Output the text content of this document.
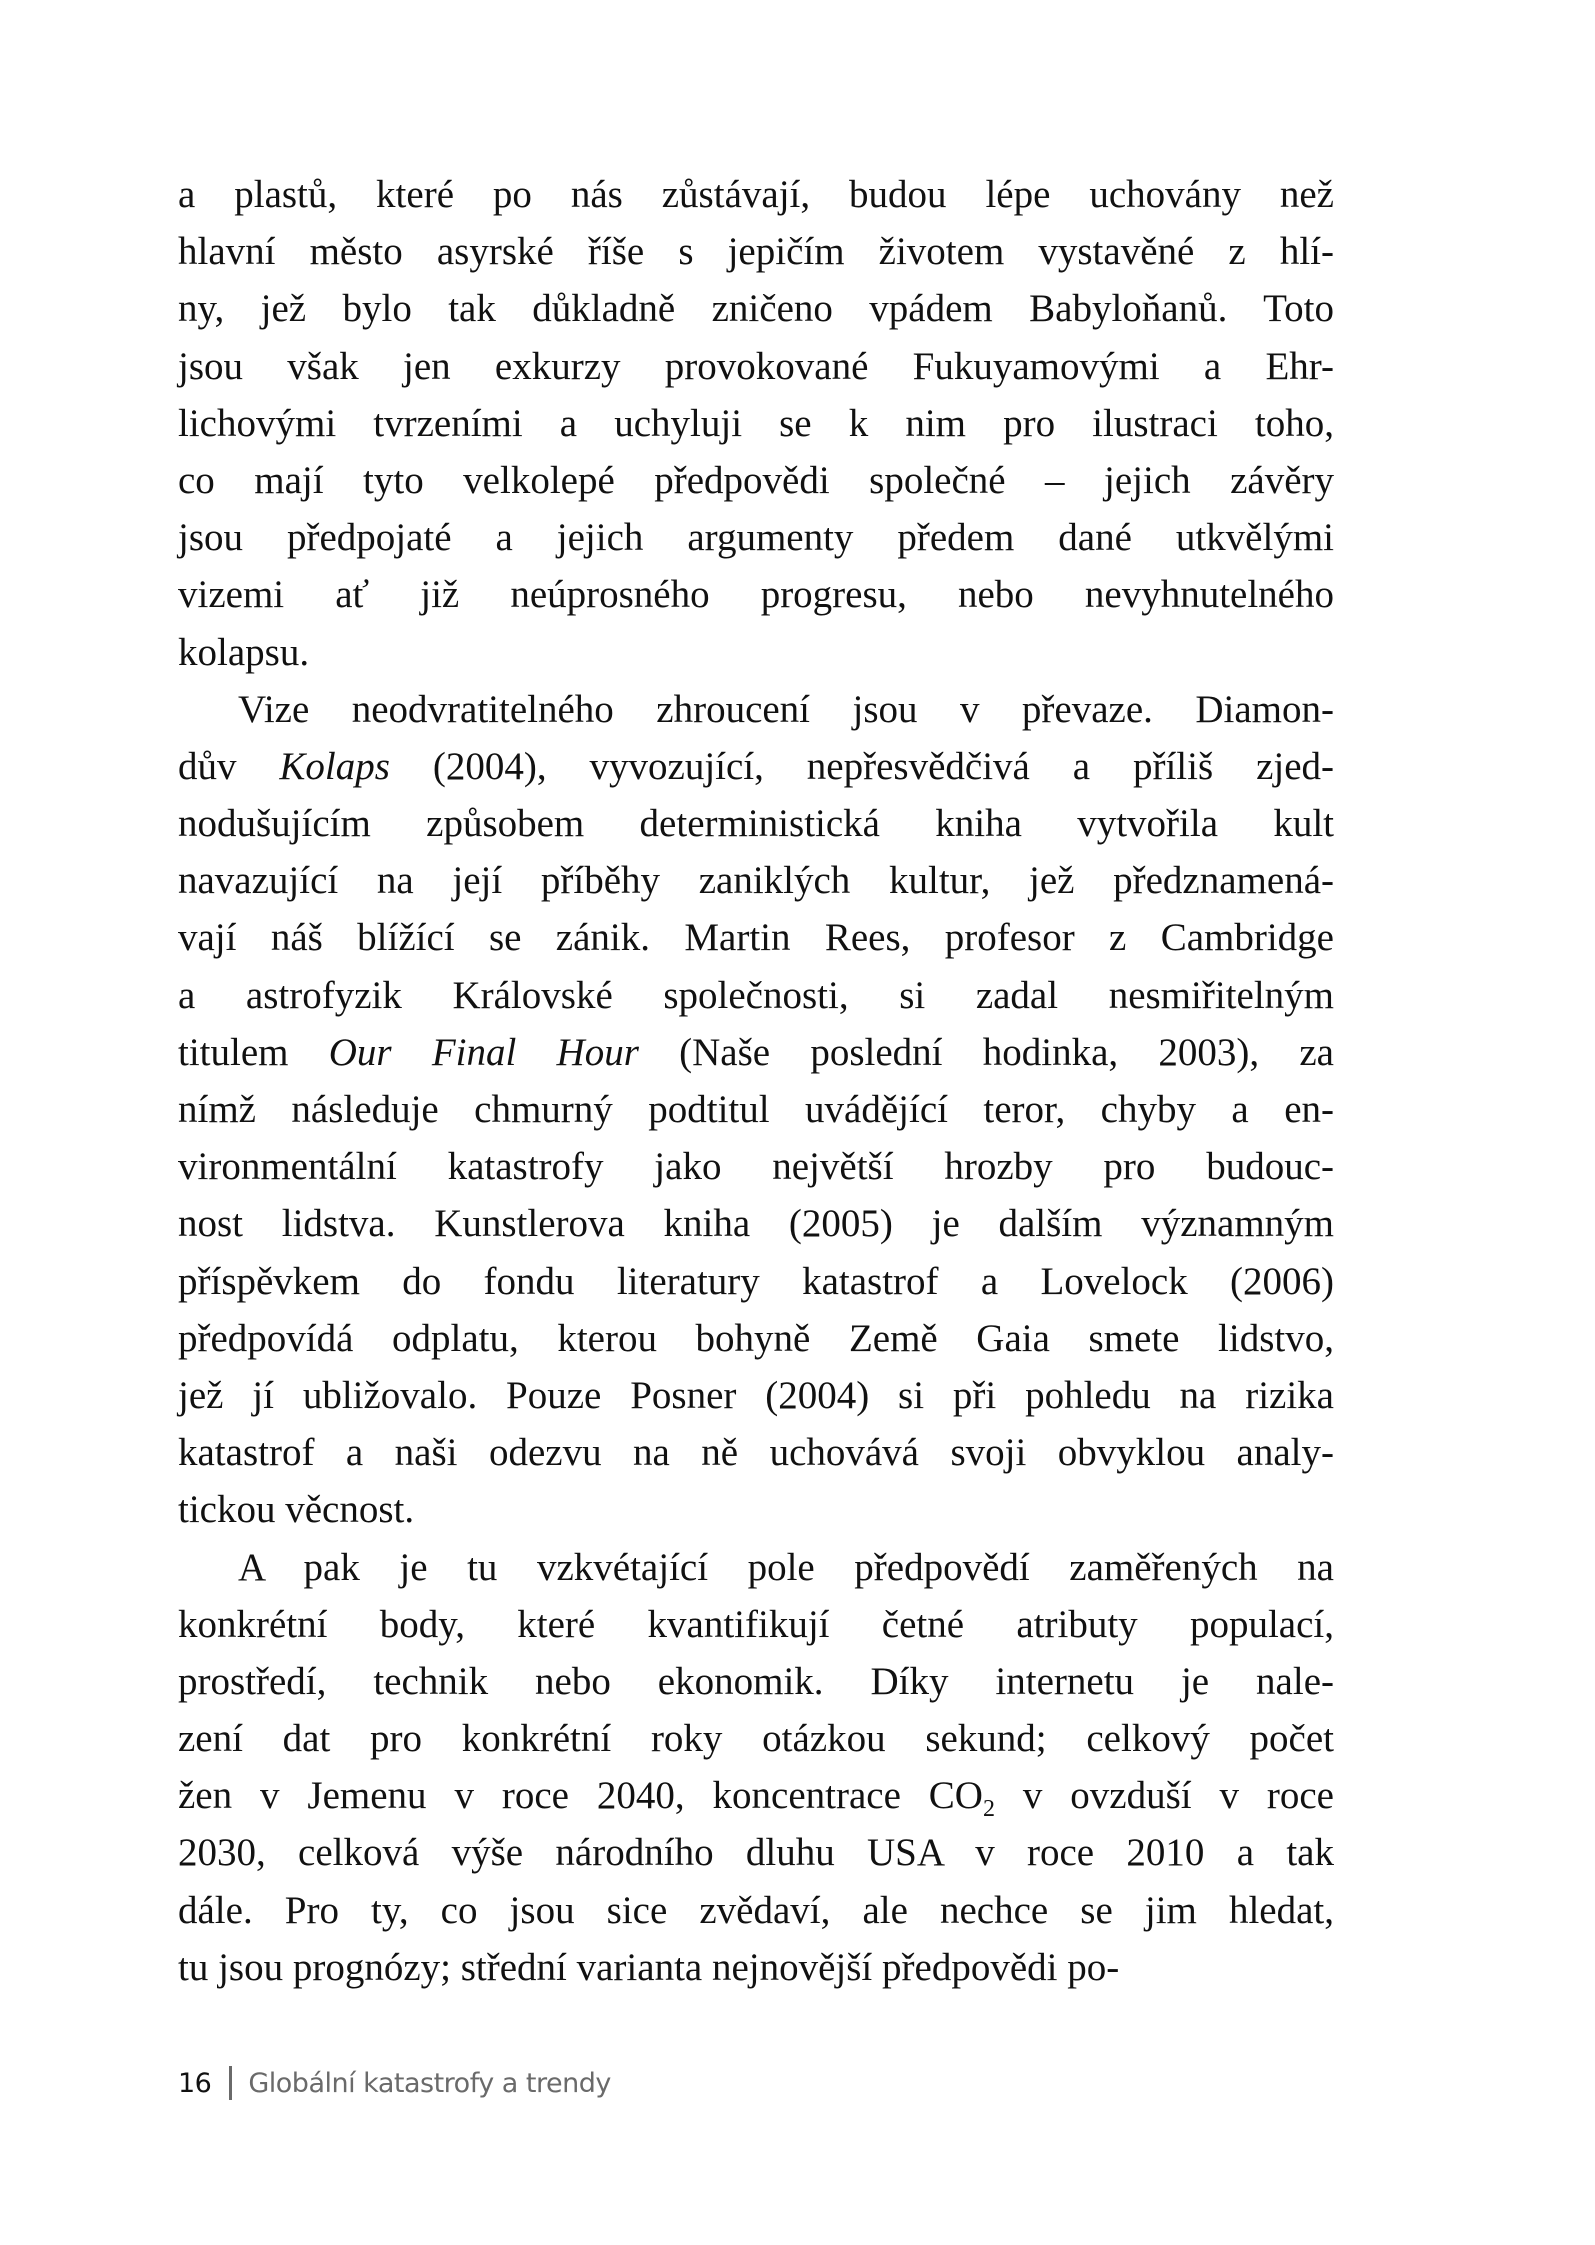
a plastů, které po nás zůstávají, budou lépe uchovány než
hlavní město asyrské říše s jepičím životem vystavěné z hlí-
ny, jež bylo tak důkladně zničeno vpádem Babyloňanů. Toto
jsou však jen exkurzy provokované Fukuyamovými a Ehr-
lichovými tvrzeními a uchyluji se k nim pro ilustraci toho,
co mají tyto velkolepé předpovědi společné – jejich závěry
jsou předpojaté a jejich argumenty předem dané utkvělými
vizemi ať již neúprosného progresu, nebo nevyhnutelného
kolapsu.
Vize neodvratitelného zhroucení jsou v převaze. Diamon-
dův Kolaps (2004), vyvozující, nepřesvědčivá a příliš zjed-
nodušujícím způsobem deterministická kniha vytvořila kult
navazující na její příběhy zaniklých kultur, jež předznamená-
vají náš blížící se zánik. Martin Rees, profesor z Cambridge
a astrofyzik Královské společnosti, si zadal nesmiřitelným
titulem Our Final Hour (Naše poslední hodinka, 2003), za
nímž následuje chmurný podtitul uvádějící teror, chyby a en-
vironmentální katastrofy jako největší hrozby pro budouc-
nost lidstva. Kunstlerova kniha (2005) je dalším významným
příspěvkem do fondu literatury katastrof a Lovelock (2006)
předpovídá odplatu, kterou bohyně Země Gaia smete lidstvo,
jež jí ubližovalo. Pouze Posner (2004) si při pohledu na rizika
katastrof a naši odezvu na ně uchovává svoji obvyklou analy-
tickou věcnost.
A pak je tu vzkvétající pole předpovědí zaměřených na
konkrétní body, které kvantifikují četné atributy populací,
prostředí, technik nebo ekonomik. Díky internetu je nale-
zení dat pro konkrétní roky otázkou sekund; celkový počet
žen v Jemenu v roce 2040, koncentrace $CO_2$ v ovzduší v roce
2030, celková výše národního dluhu USA v roce 2010 a tak
dále. Pro ty, co jsou sice zvědaví, ale nechce se jim hledat,
tu jsou prognózy; střední varianta nejnovější předpovědi po-
16 Globální katastrofy a trendy
